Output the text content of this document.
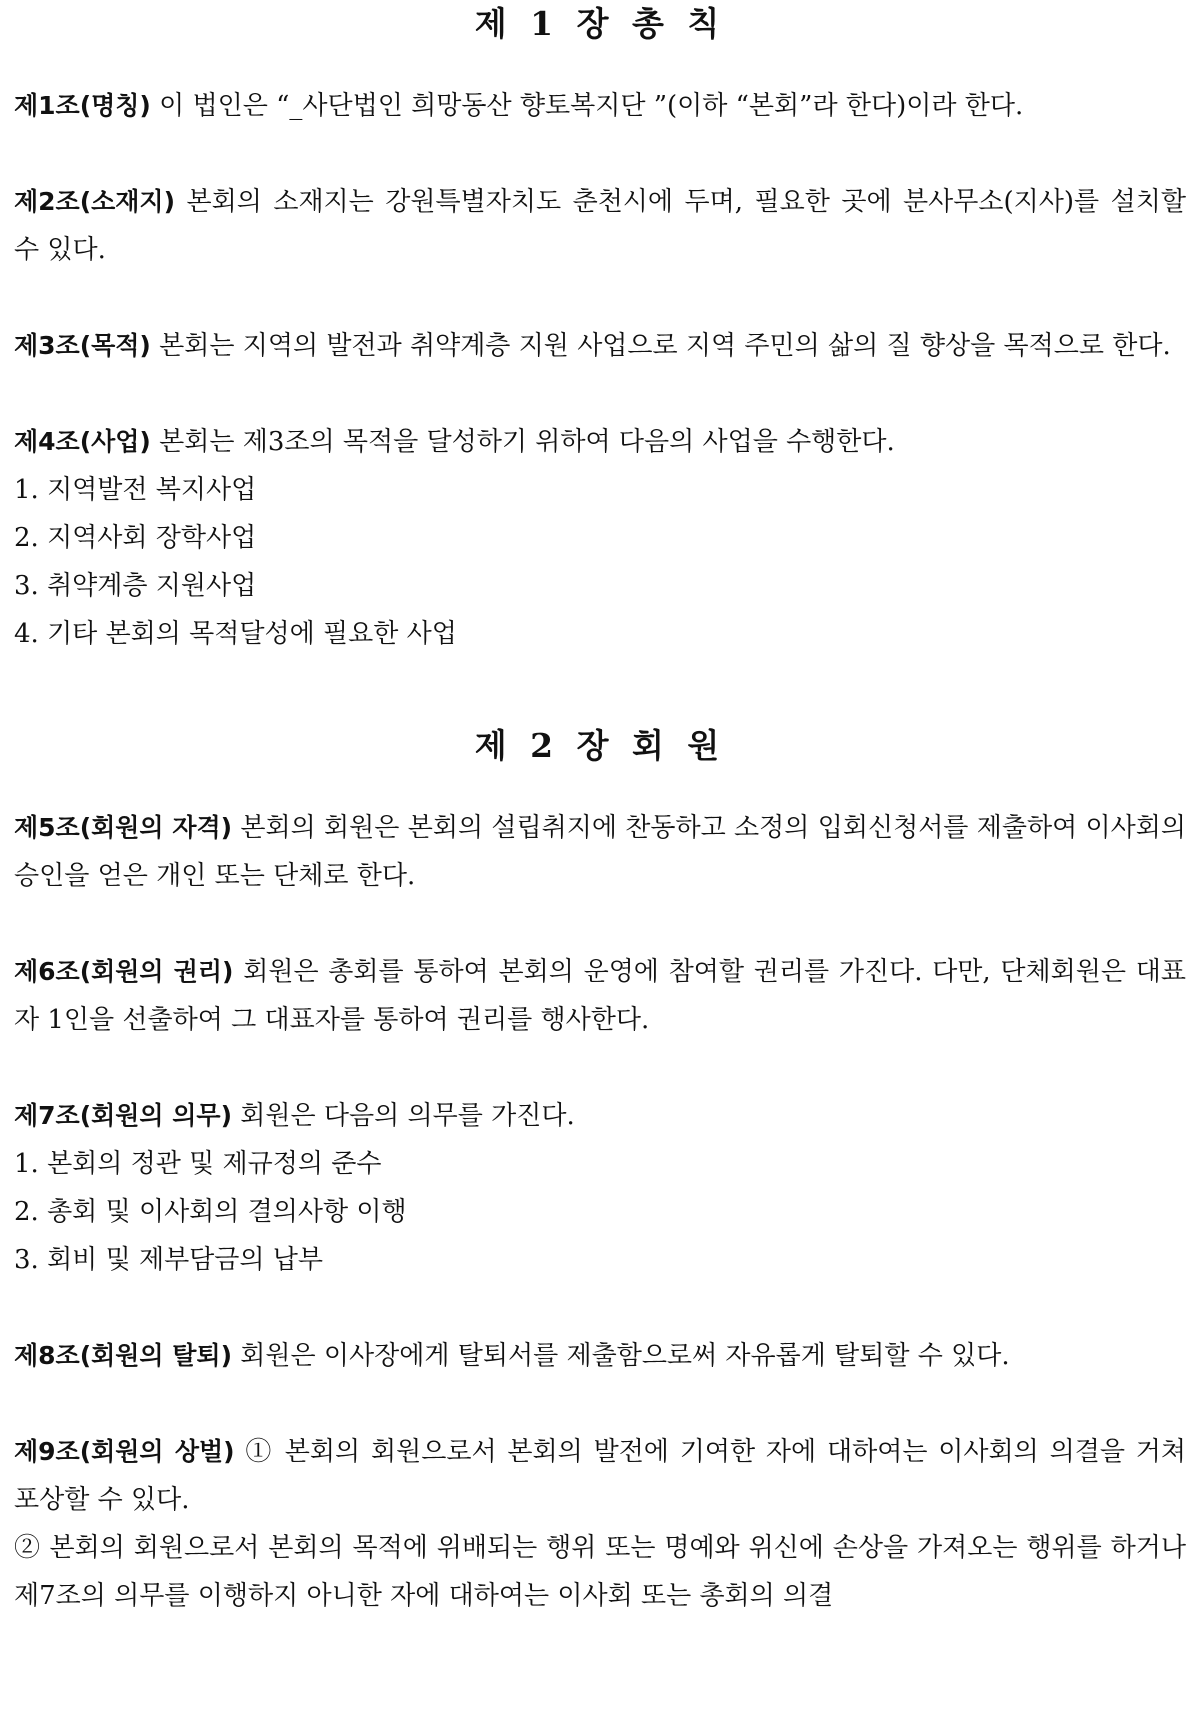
제 1 장 총 칙

제1조(명칭) 이 법인은 “_사단법인 희망동산 향토복지단 ”(이하 “본회”라 한다)이라 한다.

제2조(소재지) 본회의 소재지는 강원특별자치도 춘천시에 두며, 필요한 곳에 분사무소(지사)를 설치할 수 있다.

제3조(목적) 본회는 지역의 발전과 취약계층 지원 사업으로 지역 주민의 삶의 질 향상을 목적으로 한다.

제4조(사업) 본회는 제3조의 목적을 달성하기 위하여 다음의 사업을 수행한다.

1. 지역발전 복지사업

2. 지역사회 장학사업

3. 취약계층 지원사업

4. 기타 본회의 목적달성에 필요한 사업

제 2 장 회 원

제5조(회원의 자격) 본회의 회원은 본회의 설립취지에 찬동하고 소정의 입회신청서를 제출하여 이사회의 승인을 얻은 개인 또는 단체로 한다.

제6조(회원의 권리) 회원은 총회를 통하여 본회의 운영에 참여할 권리를 가진다. 다만, 단체회원은 대표자 1인을 선출하여 그 대표자를 통하여 권리를 행사한다.

제7조(회원의 의무) 회원은 다음의 의무를 가진다.

1. 본회의 정관 및 제규정의 준수

2. 총회 및 이사회의 결의사항 이행

3. 회비 및 제부담금의 납부

제8조(회원의 탈퇴) 회원은 이사장에게 탈퇴서를 제출함으로써 자유롭게 탈퇴할 수 있다.

제9조(회원의 상벌) ① 본회의 회원으로서 본회의 발전에 기여한 자에 대하여는 이사회의 의결을 거쳐 포상할 수 있다.

② 본회의 회원으로서 본회의 목적에 위배되는 행위 또는 명예와 위신에 손상을 가져오는 행위를 하거나 제7조의 의무를 이행하지 아니한 자에 대하여는 이사회 또는 총회의 의결
